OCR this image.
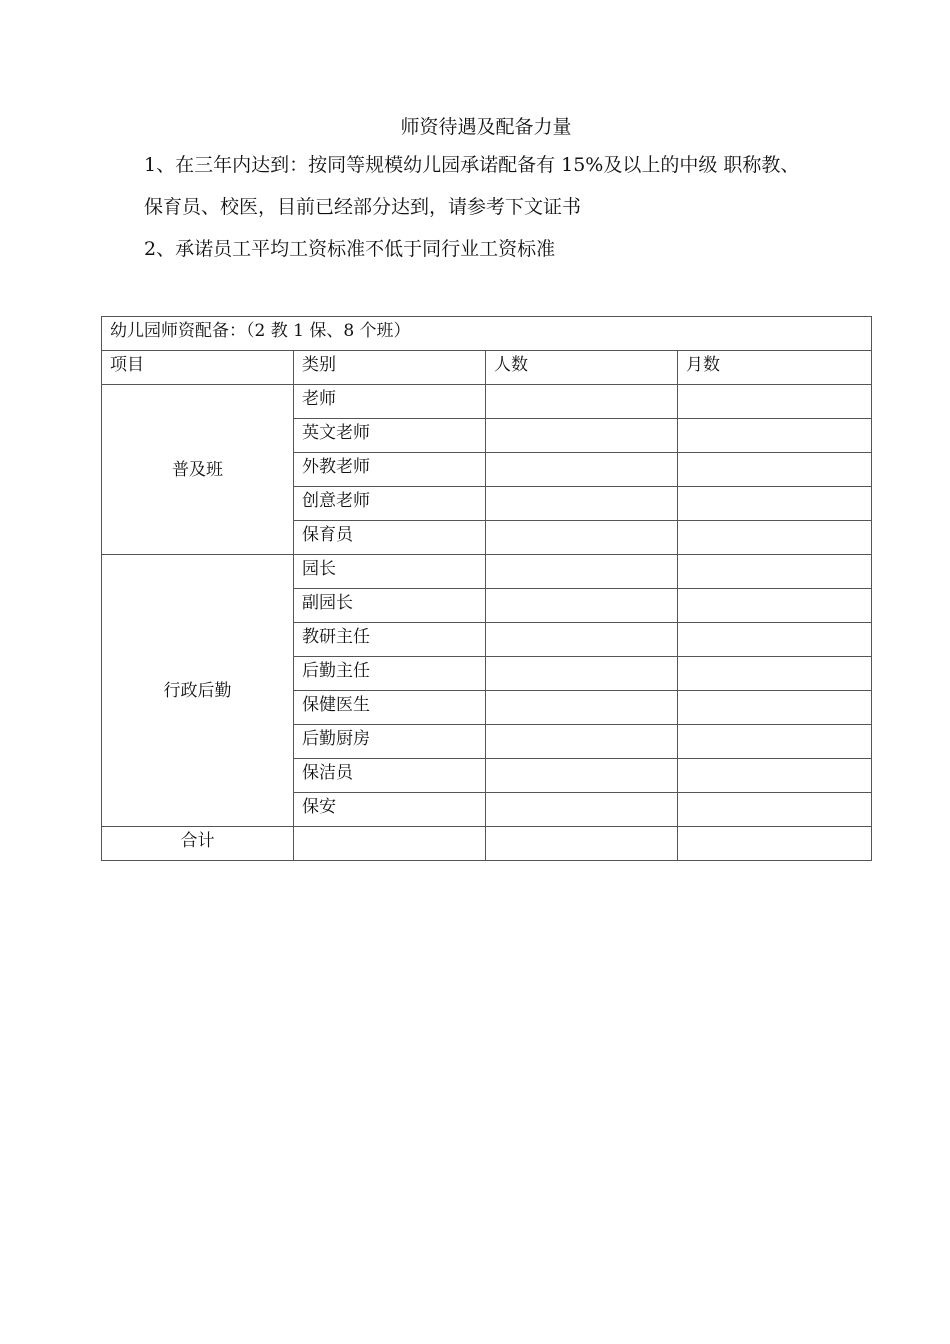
师资待遇及配备力量
1、在三年内达到：按同等规模幼儿园承诺配备有 15%及以上的中级 职称教、
保育员、校医，目前已经部分达到，请参考下文证书
2、承诺员工平均工资标准不低于同行业工资标准
幼儿园师资配备：（2 教 1 保、8 个班）			
项目	类别	人数	月数
普及班	老师		
	英文老师		
	外教老师		
	创意老师		
	保育员		
行政后勤	园长		
	副园长		
	教研主任		
	后勤主任		
	保健医生		
	后勤厨房		
	保洁员		
	保安		
合计			
